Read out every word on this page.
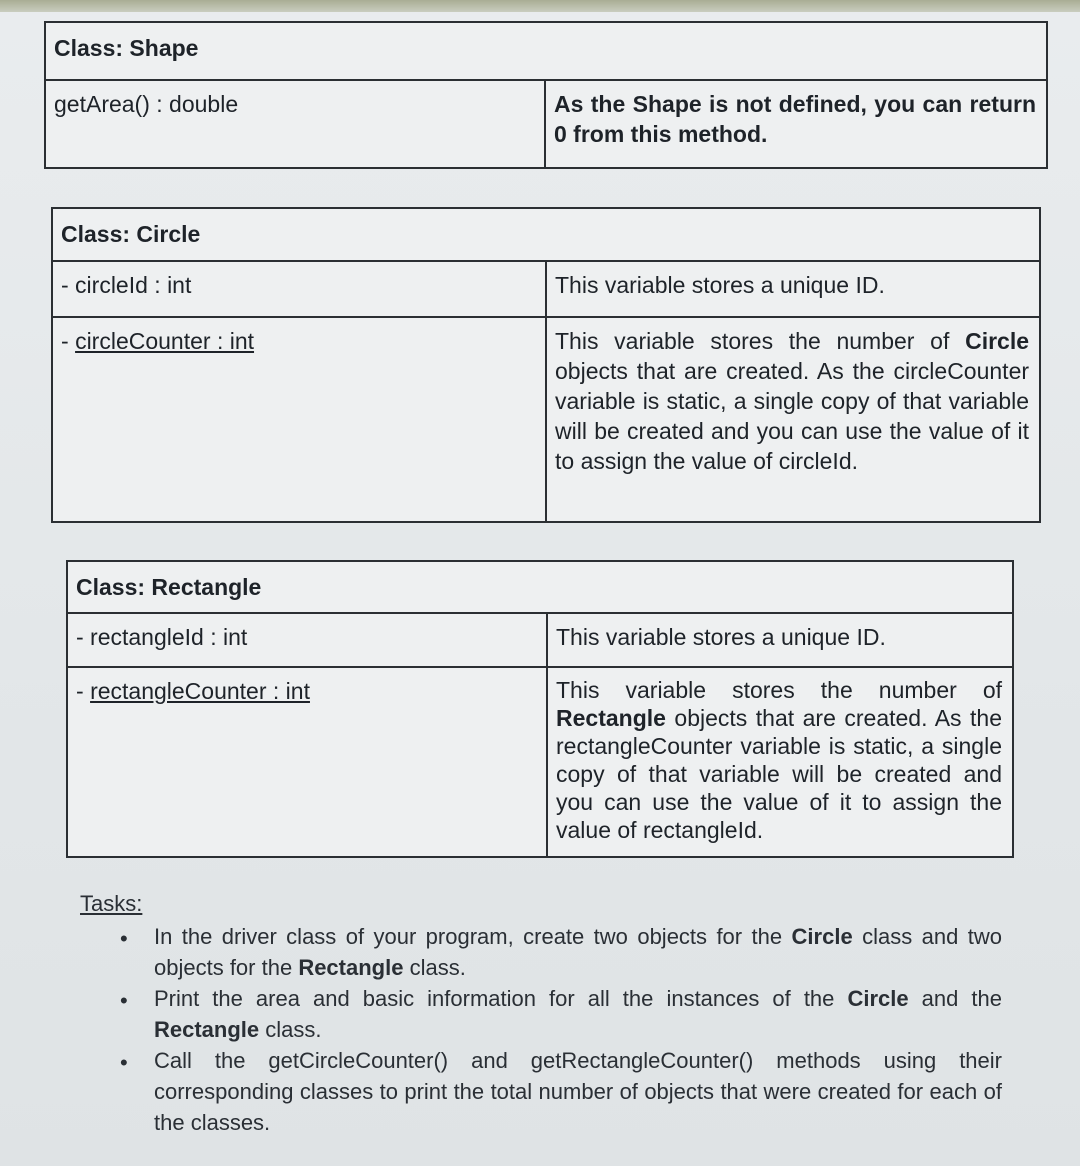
Class: Shape
getArea() : double	As the Shape is not defined, you can return 0 from this method.
Class: Circle	
- circleId : int	This variable stores a unique ID.
- circleCounter : int	This variable stores the number of Circle objects that are created. As the circleCounter variable is static, a single copy of that variable will be created and you can use the value of it to assign the value of circleId.
Class: Rectangle	
- rectangleId : int	This variable stores a unique ID.
- rectangleCounter : int	This variable stores the number of Rectangle objects that are created. As the rectangleCounter variable is static, a single copy of that variable will be created and you can use the value of it to assign the value of rectangleId.
Tasks:
• In the driver class of your program, create two objects for the Circle class and two objects for the Rectangle class.
• Print the area and basic information for all the instances of the Circle and the Rectangle class.
• Call the getCircleCounter() and getRectangleCounter() methods using their corresponding classes to print the total number of objects that were created for each of the classes.
